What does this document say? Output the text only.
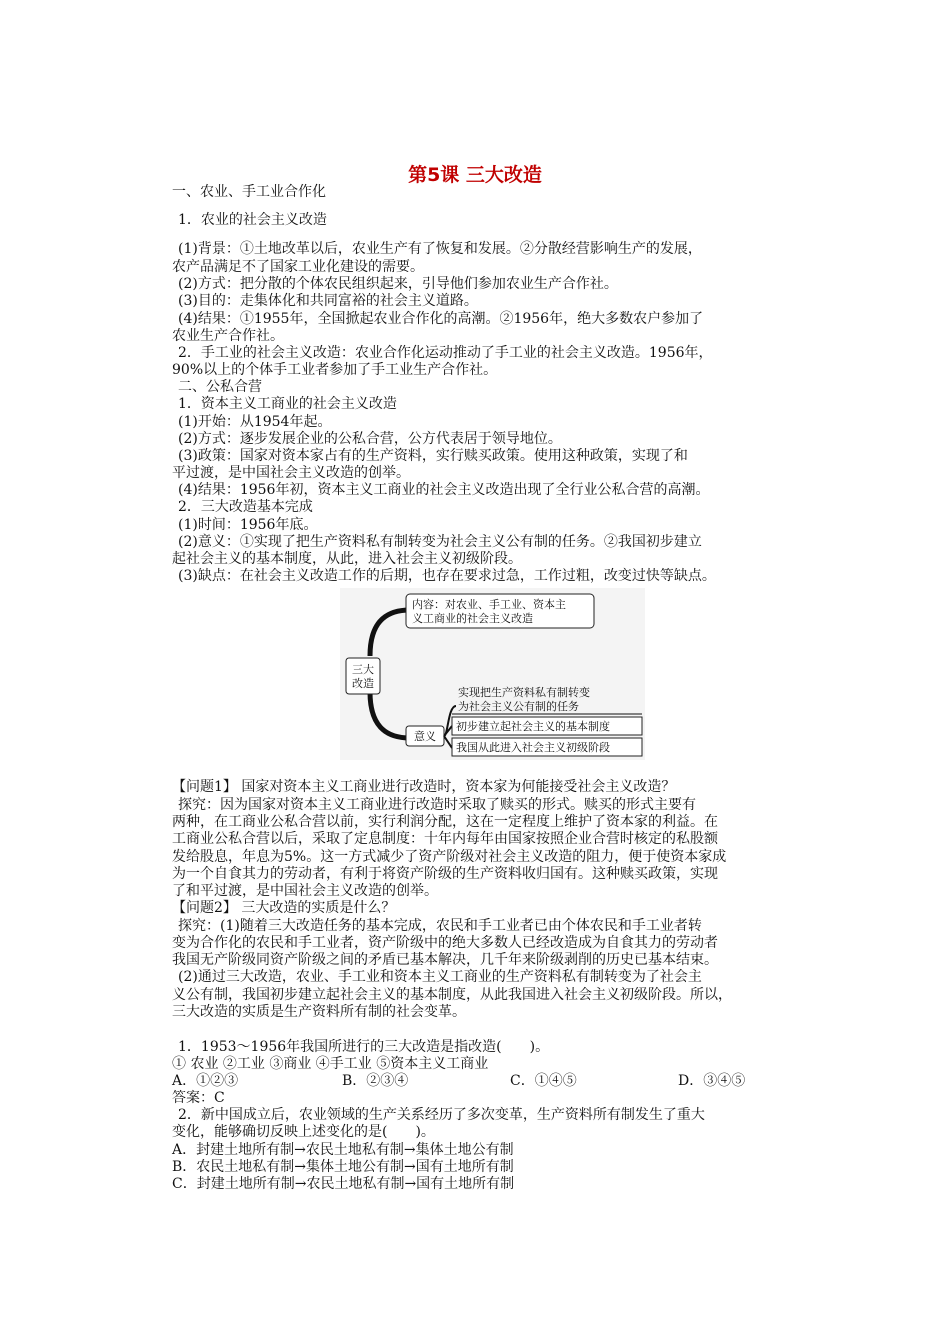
第5课 三大改造
一、农业、手工业合作化
1．农业的社会主义改造
(1)背景：①土地改革以后，农业生产有了恢复和发展。②分散经营影响生产的发展，
农产品满足不了国家工业化建设的需要。
(2)方式：把分散的个体农民组织起来，引导他们参加农业生产合作社。
(3)目的：走集体化和共同富裕的社会主义道路。
(4)结果：①1955年，全国掀起农业合作化的高潮。②1956年，绝大多数农户参加了
农业生产合作社。
2．手工业的社会主义改造：农业合作化运动推动了手工业的社会主义改造。1956年，
90%以上的个体手工业者参加了手工业生产合作社。
二、公私合营
1．资本主义工商业的社会主义改造
(1)开始：从1954年起。
(2)方式：逐步发展企业的公私合营，公方代表居于领导地位。
(3)政策：国家对资本家占有的生产资料，实行赎买政策。使用这种政策，实现了和
平过渡，是中国社会主义改造的创举。
(4)结果：1956年初，资本主义工商业的社会主义改造出现了全行业公私合营的高潮。
2．三大改造基本完成
(1)时间：1956年底。
(2)意义：①实现了把生产资料私有制转变为社会主义公有制的任务。②我国初步建立
起社会主义的基本制度，从此，进入社会主义初级阶段。
(3)缺点：在社会主义改造工作的后期，也存在要求过急，工作过粗，改变过快等缺点。
三大
改造
内容：对农业、手工业、资本主
义工商业的社会主义改造
意义
实现把生产资料私有制转变
为社会主义公有制的任务
初步建立起社会主义的基本制度
我国从此进入社会主义初级阶段
【问题1】 国家对资本主义工商业进行改造时，资本家为何能接受社会主义改造？
探究：因为国家对资本主义工商业进行改造时采取了赎买的形式。赎买的形式主要有
两种，在工商业公私合营以前，实行利润分配，这在一定程度上维护了资本家的利益。在
工商业公私合营以后，采取了定息制度：十年内每年由国家按照企业合营时核定的私股额
发给股息，年息为5%。这一方式减少了资产阶级对社会主义改造的阻力，便于使资本家成
为一个自食其力的劳动者，有利于将资产阶级的生产资料收归国有。这种赎买政策，实现
了和平过渡，是中国社会主义改造的创举。
【问题2】 三大改造的实质是什么？
探究：(1)随着三大改造任务的基本完成，农民和手工业者已由个体农民和手工业者转
变为合作化的农民和手工业者，资产阶级中的绝大多数人已经改造成为自食其力的劳动者
我国无产阶级同资产阶级之间的矛盾已基本解决，几千年来阶级剥削的历史已基本结束。
(2)通过三大改造，农业、手工业和资本主义工商业的生产资料私有制转变为了社会主
义公有制，我国初步建立起社会主义的基本制度，从此我国进入社会主义初级阶段。所以，
三大改造的实质是生产资料所有制的社会变革。
1．1953～1956年我国所进行的三大改造是指改造(　　)。
① 农业 ②工业 ③商业 ④手工业 ⑤资本主义工商业
A．①②③	B．②③④	C．①④⑤	D．③④⑤
答案：C
2．新中国成立后，农业领域的生产关系经历了多次变革，生产资料所有制发生了重大
变化，能够确切反映上述变化的是(　　)。
A．封建土地所有制→农民土地私有制→集体土地公有制
B．农民土地私有制→集体土地公有制→国有土地所有制
C．封建土地所有制→农民土地私有制→国有土地所有制
